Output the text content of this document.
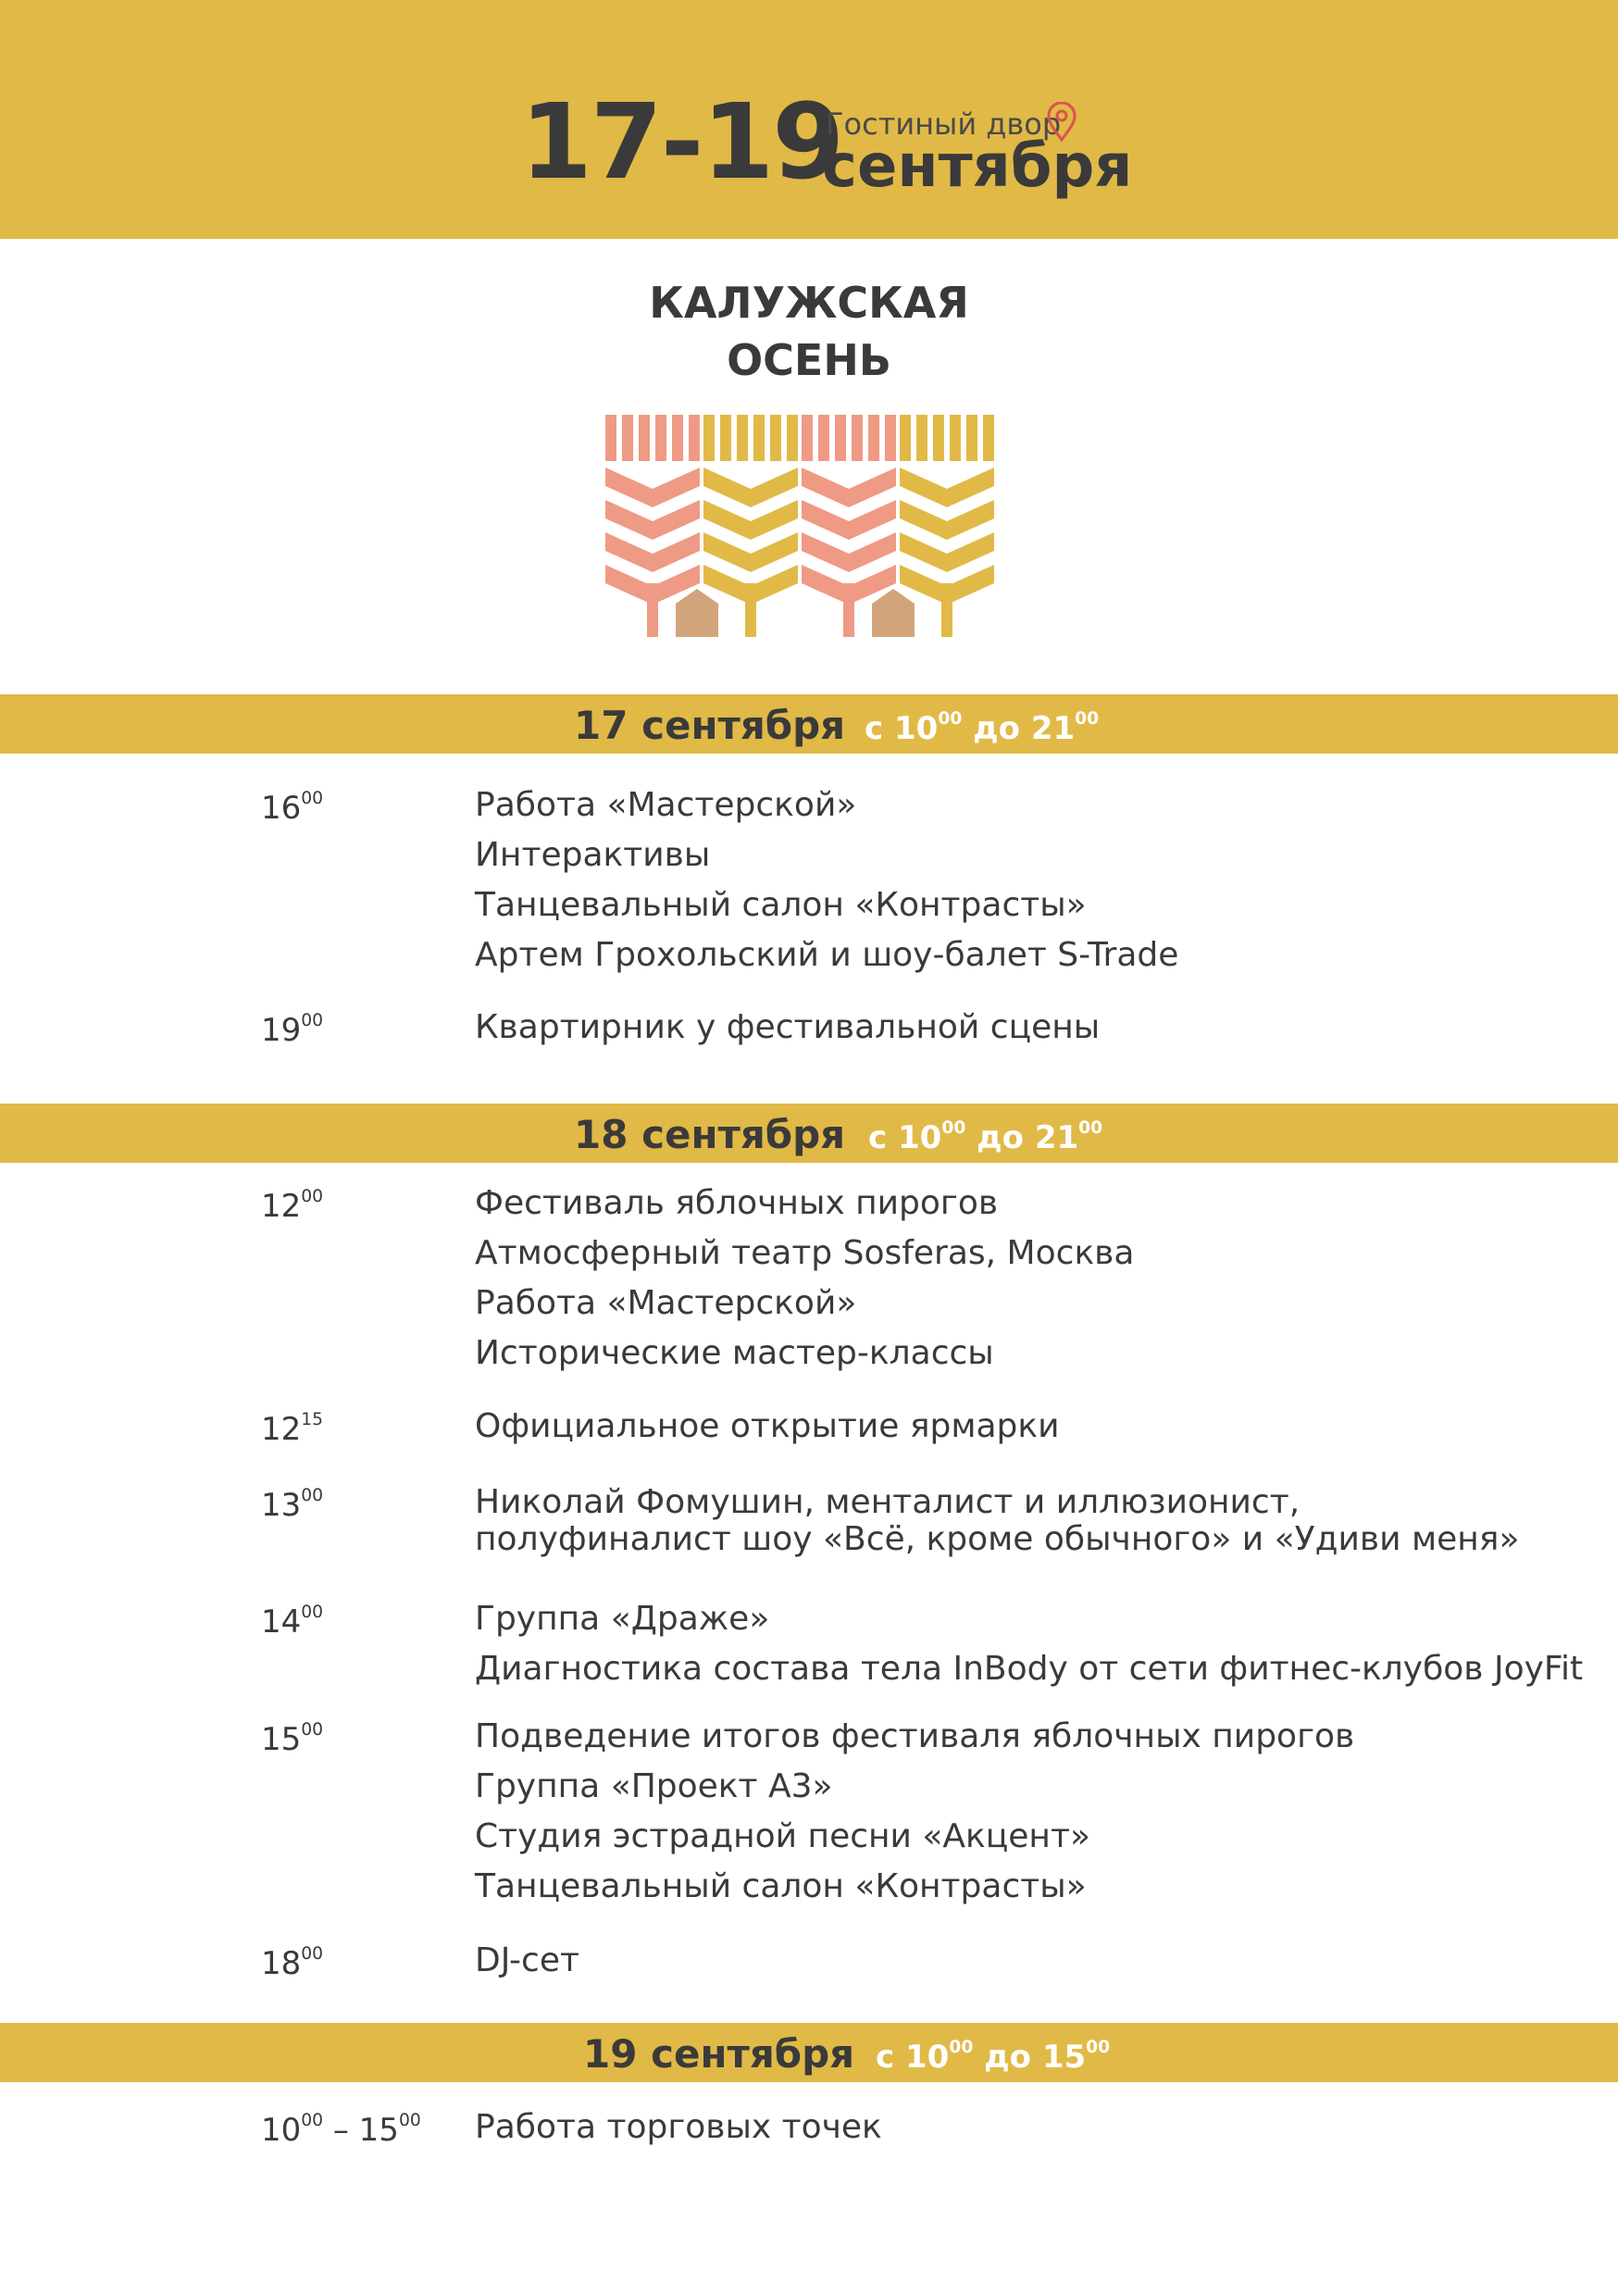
17-19
Гостиный двор
сентября
КАЛУЖСКАЯ
ОСЕНЬ
17 сентября с $10^{00}$ до $21^{00}$
$16^{00}$	Работа «Мастерской»
Интерактивы
Танцевальный салон «Контрасты»
Артем Грохольский и шоу-балет S-Trade
$19^{00}$	Квартирник у фестивальной сцены
18 сентября с $10^{00}$ до $21^{00}$
$12^{00}$	Фестиваль яблочных пирогов
Атмосферный театр Sosferas, Москва
Работа «Мастерской»
Исторические мастер-классы
$12^{15}$	Официальное открытие ярмарки
$13^{00}$	Николай Фомушин, менталист и иллюзионист,
полуфиналист шоу «Всё, кроме обычного» и «Удиви меня»
$14^{00}$	Группа «Драже»
Диагностика состава тела InBody от сети фитнес-клубов JoyFit
$15^{00}$	Подведение итогов фестиваля яблочных пирогов
Группа «Проект А3»
Студия эстрадной песни «Акцент»
Танцевальный салон «Контрасты»
$18^{00}$	DJ-сет
19 сентября с $10^{00}$ до $15^{00}$
$10^{00} - 15^{00}$ Работа торговых точек
